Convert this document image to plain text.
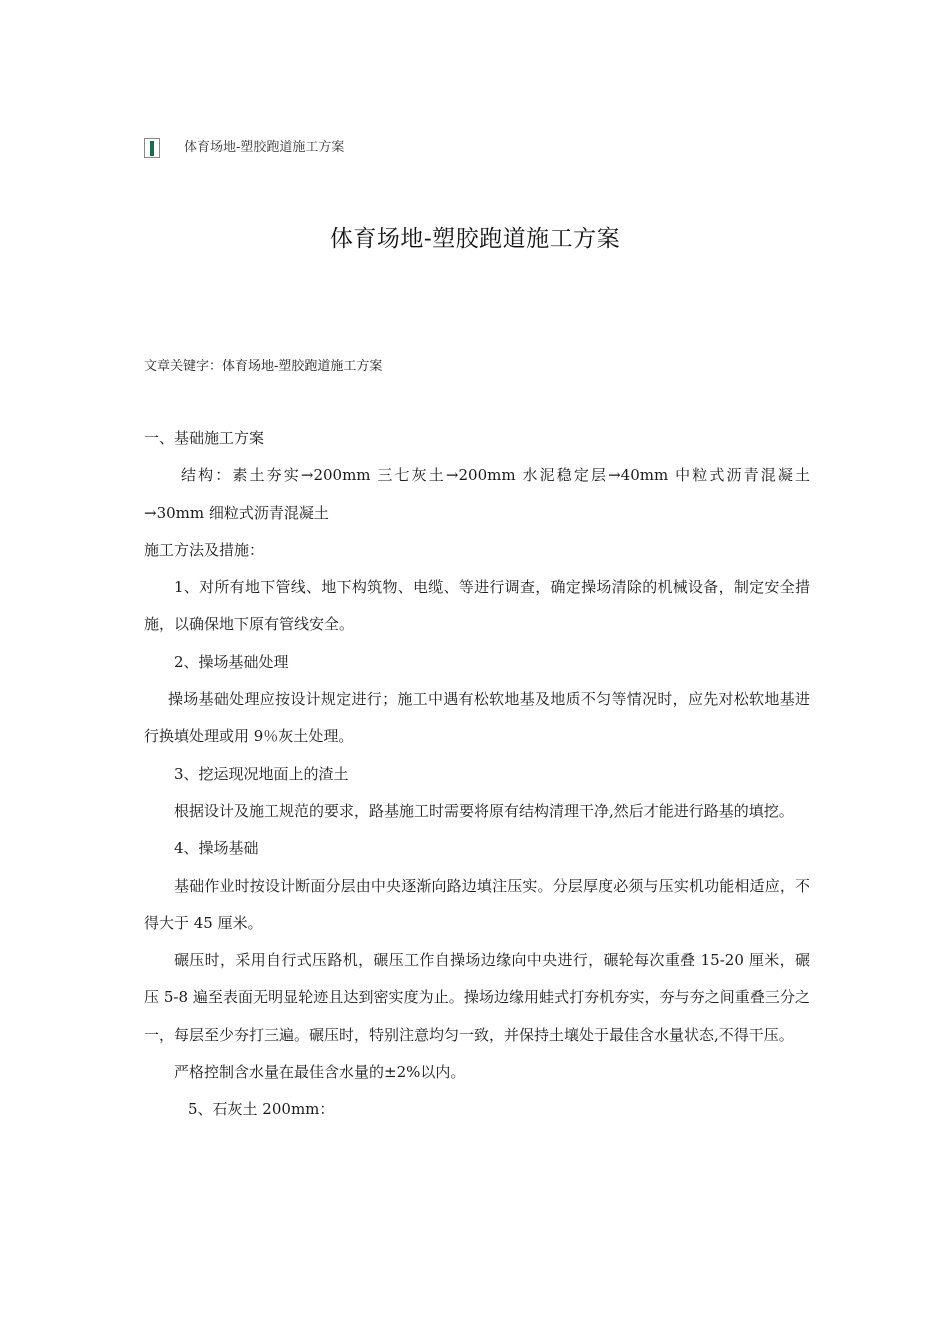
体育场地-塑胶跑道施工方案
体育场地-塑胶跑道施工方案
文章关键字：体育场地-塑胶跑道施工方案

一、基础施工方案

结构：素土夯实→200mm 三七灰土→200mm 水泥稳定层→40mm 中粒式沥青混凝土→30mm 细粒式沥青混凝土

施工方法及措施：

1、对所有地下管线、地下构筑物、电缆、等进行调查，确定操场清除的机械设备，制定安全措施，以确保地下原有管线安全。

2、操场基础处理

操场基础处理应按设计规定进行；施工中遇有松软地基及地质不匀等情况时，应先对松软地基进行换填处理或用 9％灰土处理。

3、挖运现况地面上的渣土

根据设计及施工规范的要求，路基施工时需要将原有结构清理干净,然后才能进行路基的填挖。

4、操场基础

基础作业时按设计断面分层由中央逐渐向路边填注压实。分层厚度必须与压实机功能相适应，不得大于 45 厘米。

碾压时，采用自行式压路机，碾压工作自操场边缘向中央进行，碾轮每次重叠 15-20 厘米，碾压 5-8 遍至表面无明显轮迹且达到密实度为止。操场边缘用蛙式打夯机夯实，夯与夯之间重叠三分之一，每层至少夯打三遍。碾压时，特别注意均匀一致，并保持土壤处于最佳含水量状态,不得干压。

严格控制含水量在最佳含水量的±2%以内。

5、石灰土 200mm：
